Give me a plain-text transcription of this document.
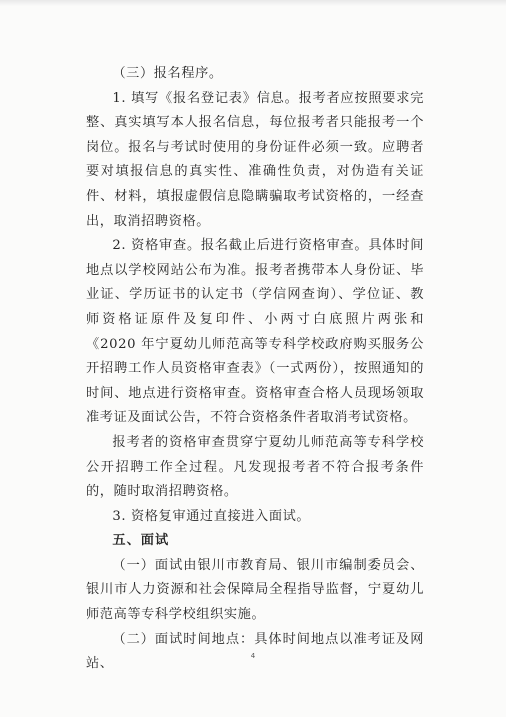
（三）报名程序。

1. 填写《报名登记表》信息。报考者应按照要求完整、真实填写本人报名信息，每位报考者只能报考一个岗位。报名与考试时使用的身份证件必须一致。应聘者要对填报信息的真实性、准确性负责，对伪造有关证件、材料，填报虚假信息隐瞒骗取考试资格的，一经查出，取消招聘资格。

2. 资格审查。报名截止后进行资格审查。具体时间地点以学校网站公布为准。报考者携带本人身份证、毕业证、学历证书的认定书（学信网查询）、学位证、教师资格证原件及复印件、小两寸白底照片两张和《2020 年宁夏幼儿师范高等专科学校政府购买服务公开招聘工作人员资格审查表》（一式两份），按照通知的时间、地点进行资格审查。资格审查合格人员现场领取准考证及面试公告，不符合资格条件者取消考试资格。

报考者的资格审查贯穿宁夏幼儿师范高等专科学校公开招聘工作全过程。凡发现报考者不符合报考条件的，随时取消招聘资格。

3. 资格复审通过直接进入面试。

五、面试

（一）面试由银川市教育局、银川市编制委员会、银川市人力资源和社会保障局全程指导监督，宁夏幼儿师范高等专科学校组织实施。

（二）面试时间地点：具体时间地点以准考证及网站、

4
